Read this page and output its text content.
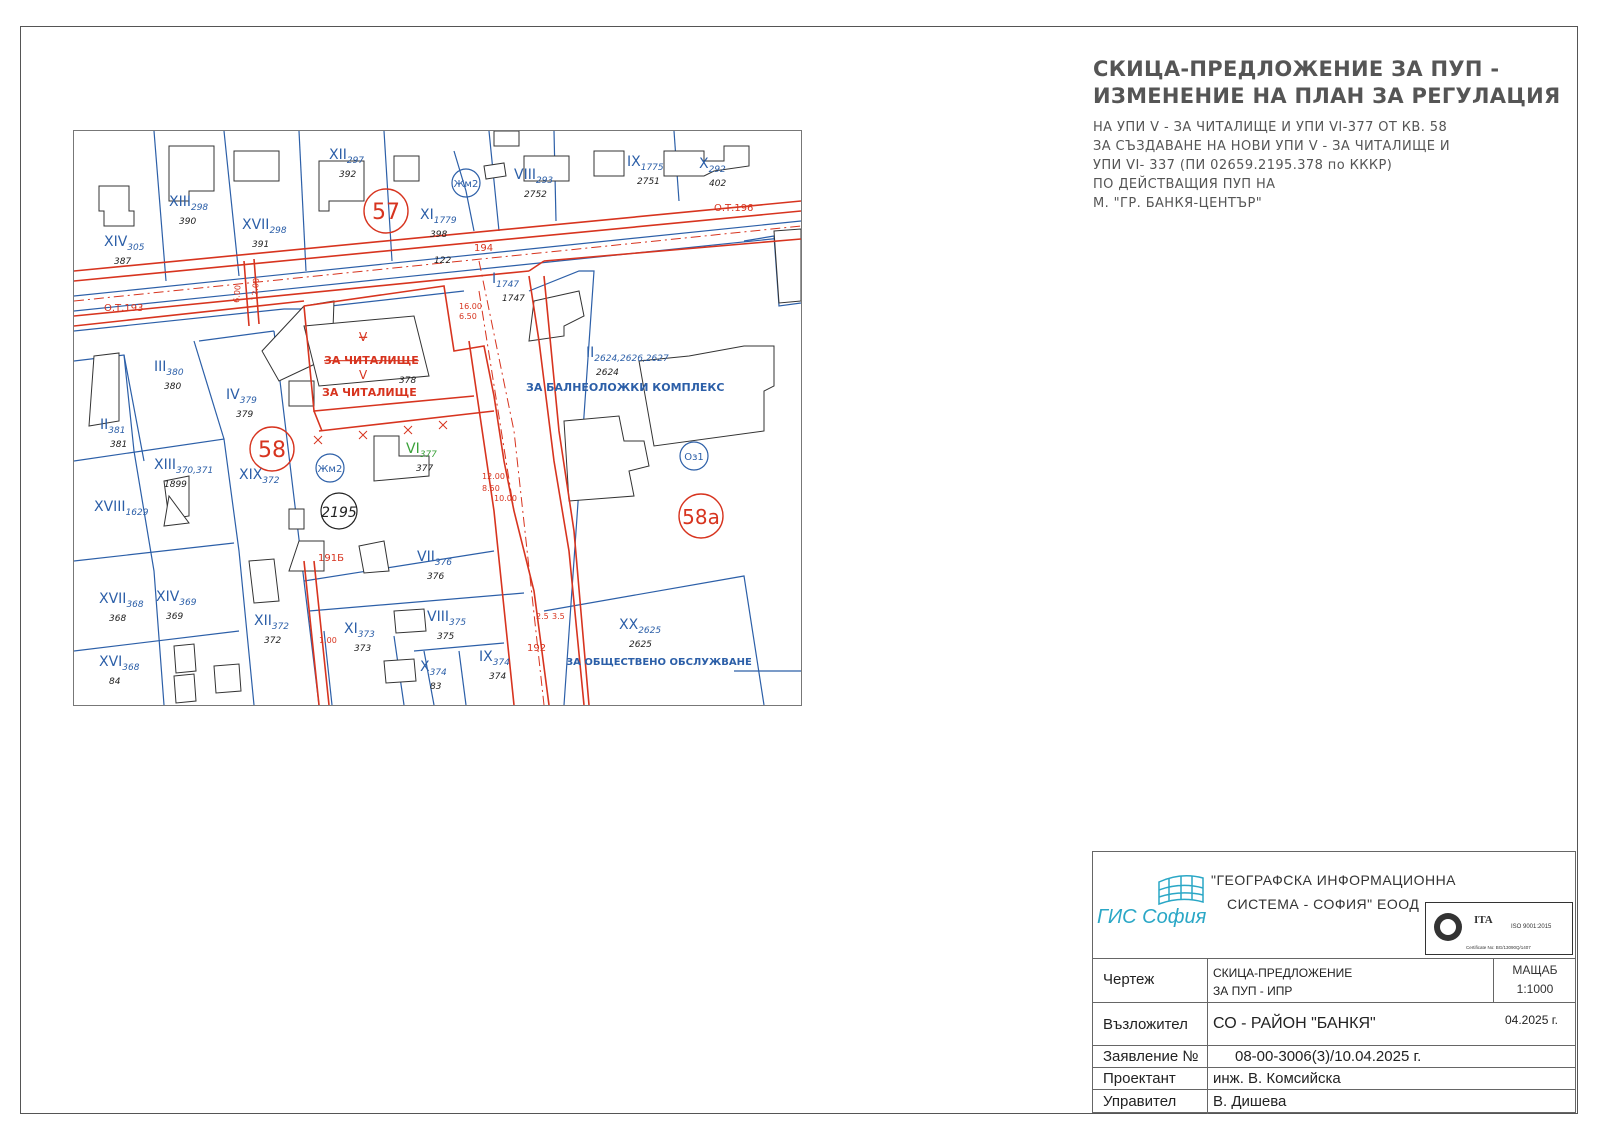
СКИЦА-ПРЕДЛОЖЕНИЕ ЗА ПУП -
ИЗМЕНЕНИЕ НА ПЛАН ЗА РЕГУЛАЦИЯ
НА УПИ V - ЗА ЧИТАЛИЩЕ И УПИ VI-377 ОТ КВ. 58
ЗА СЪЗДАВАНЕ НА НОВИ УПИ V - ЗА ЧИТАЛИЩЕ И
УПИ VI- 337 (ПИ 02659.2195.378 по КККР)
ПО ДЕЙСТВАЩИЯ ПУП НА
М. "ГР. БАНКЯ-ЦЕНТЪР"
О.Т.193
О.Т.196
194
191Б
192
12.00
6.00
16.00
6.50
12.00
8.50
10.00
1.00
2.5 3.5
122
57
58
58а
2195
Жм2
Жм2
Оз1
ЗА ЧИТАЛИЩЕ
ЗА ЧИТАЛИЩЕ	ЗА БАЛНЕОЛОЖКИ КОМПЛЕКС
ЗА ОБЩЕСТВЕНО ОБСЛУЖВАНЕ
V
V	378
$XIV_{305}$
387
$XIII_{298}$
390	$XVII_{298}$
391
$XII_{297}$
392
$XI_{1779}$
398
$VIII_{293}$
2752
$IX_{1775}$
2751
$X_{292}$
402
$III_{380}$
380	$IV_{379}$
379
$II_{381}$
381
$XIII_{370,371}$
1899
$XIX_{372}$
$XVIII_{1629}$
$XVII_{368}$
368
$XIV_{369}$
369
$XVI_{368}$
84
$XII_{372}$
372
$XI_{373}$
373
$VIII_{375}$
375
$VII_{376}$
376
$X_{374}$
83
$IX_{374}$
374
$XX_{2625}$
2625
$II_{2624,2626,2627}$
2624
$I_{1747}$
1747
$VI_{377}$
377
ГИС София
"ГЕОГРАФСКА ИНФОРМАЦИОННА
СИСТЕМА - СОФИЯ" ЕООД
ITA
ISO 9001:2015
Certificate No: BG/13090Q/1407
Чертеж	СКИЦА-ПРЕДЛОЖЕНИЕ
ЗА ПУП - ИПР
МАЩАБ
1:1000
Възложител СО - РАЙОН "БАНКЯ"	04.2025 г.
Заявление № 08-00-3006(3)/10.04.2025 г.
Проектант инж. В. Комсийска
Управител В. Дишева
